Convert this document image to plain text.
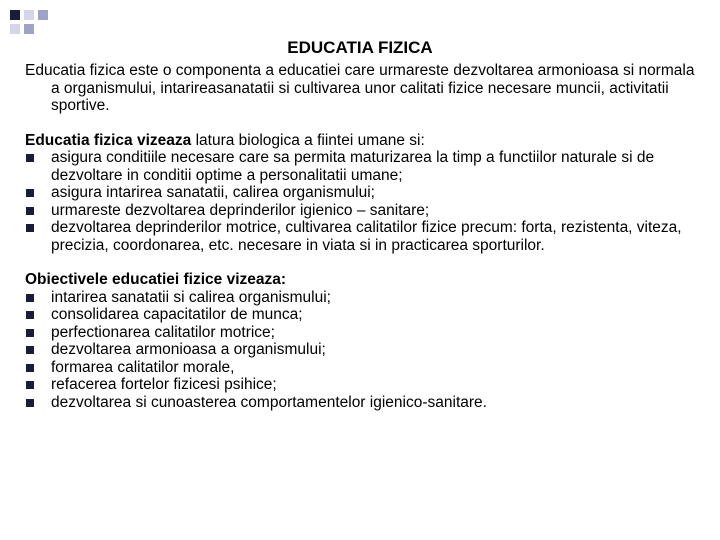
EDUCATIA FIZICA

Educatia fizica este o componenta a educatiei care urmareste dezvoltarea armonioasa si normala a organismului, intarireasanatatii si cultivarea unor calitati fizice necesare muncii, activitatii sportive.

Educatia fizica vizeaza latura biologica a fiintei umane si:

asigura conditiile necesare care sa permita maturizarea la timp a functiilor naturale si de dezvoltare in conditii optime a personalitatii umane;
asigura intarirea sanatatii, calirea organismului;
urmareste dezvoltarea deprinderilor igienico – sanitare;
dezvoltarea deprinderilor motrice, cultivarea calitatilor fizice precum: forta, rezistenta, viteza, precizia, coordonarea, etc. necesare in viata si in practicarea sporturilor.

Obiectivele educatiei fizice vizeaza:

intarirea sanatatii si calirea organismului;
consolidarea capacitatilor de munca;
perfectionarea calitatilor motrice;
dezvoltarea armonioasa a organismului;
formarea calitatilor morale,
refacerea fortelor fizicesi psihice;
dezvoltarea si cunoasterea comportamentelor igienico-sanitare.
